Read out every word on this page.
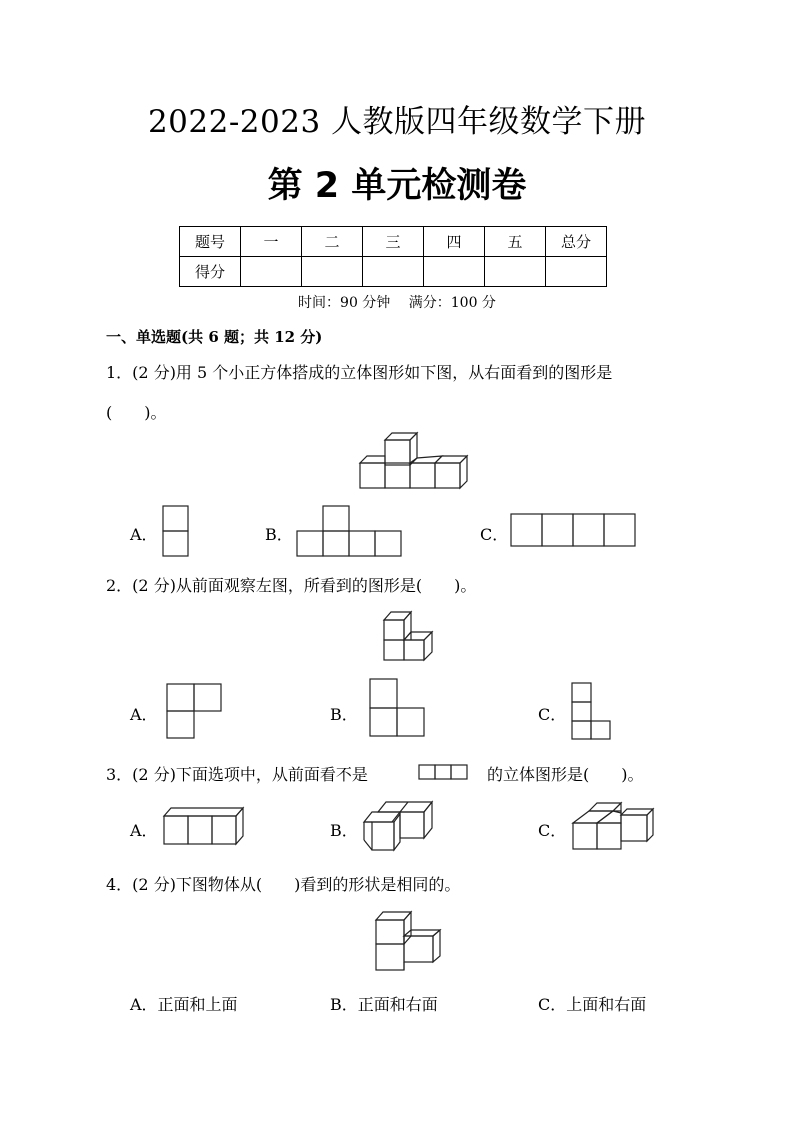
2022-2023 人教版四年级数学下册
第 2 单元检测卷
题号	一	二	三	四	五	总分
得分						
时间：90 分钟　 满分：100 分
一、单选题(共 6 题；共 12 分)
1．(2 分)用 5 个小正方体搭成的立体图形如下图，从右面看到的图形是
(　　)。
A．	B．	C．
2．(2 分)从前面观察左图，所看到的图形是(　　)。
A．	B．	C．
3．(2 分)下面选项中，从前面看不是	的立体图形是(　　)。
A．	B．	C．
4．(2 分)下图物体从(　　)看到的形状是相同的。
A．正面和上面	B．正面和右面	C．上面和右面
